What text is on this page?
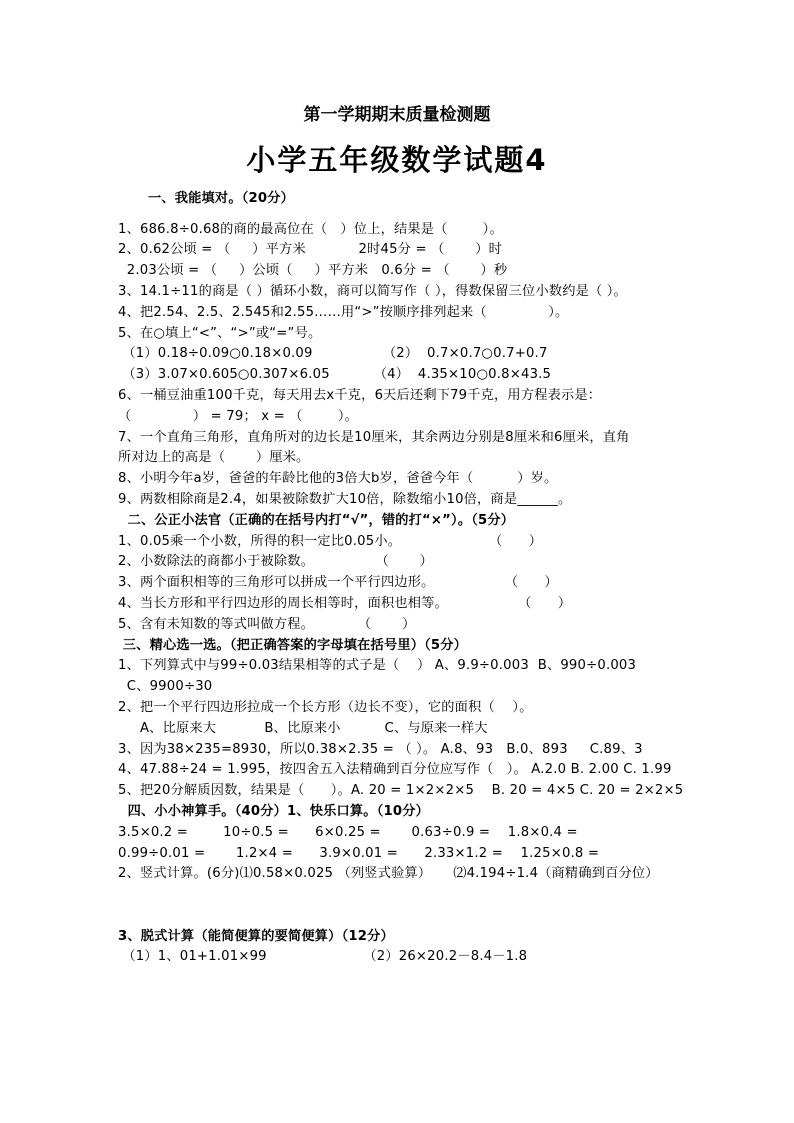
第一学期期末质量检测题
小学五年级数学试题4
一、我能填对。（20分）
1、686.8÷0.68的商的最高位在（   ）位上，结果是（        ）。
2、0.62公顷 = （     ）平方米            2时45分 = （       ）时
2.03公顷 = （     ）公顷（     ）平方米   0.6分 = （       ）秒
3、14.1÷11的商是（ ）循环小数，商可以简写作（ ），得数保留三位小数约是（ ）。
4、把2.54、2.5、2.545和2.55……用“>”按顺序排列起来（              ）。
5、在○填上“<”、“>”或“=”号。
（1）0.18÷0.09○0.18×0.09                （2）  0.7×0.7○0.7+0.7
（3）3.07×0.605○0.307×6.05          （4）  4.35×10○0.8×43.5
6、一桶豆油重100千克，每天用去x千克，6天后还剩下79千克，用方程表示是：
（              ） = 79； x = （        ）。
7、一个直角三角形，直角所对的边长是10厘米，其余两边分别是8厘米和6厘米，直角
所对边上的高是（       ）厘米。
8、小明今年a岁，爸爸的年龄比他的3倍大b岁，爸爸今年（          ）岁。
9、两数相除商是2.4，如果被除数扩大10倍，除数缩小10倍，商是______。
二、公正小法官（正确的在括号内打“√”，错的打“×”）。（5分）
1、0.05乘一个小数，所得的积一定比0.05小。                    （      ）
2、小数除法的商都小于被除数。              （       ）
3、两个面积相等的三角形可以拼成一个平行四边形。                （      ）
4、当长方形和平行四边形的周长相等时，面积也相等。                （      ）
5、含有未知数的等式叫做方程。          （       ）
三、精心选一选。（把正确答案的字母填在括号里）（5分）
1、下列算式中与99÷0.03结果相等的式子是（    ） A、9.9÷0.003  B、990÷0.003
C、9900÷30
2、把一个平行四边形拉成一个长方形（边长不变），它的面积（    ）。
A、比原来大           B、比原来小          C、与原来一样大
3、因为38×235=8930，所以0.38×2.35 = （ ）。 A.8、93   B.0、893     C.89、3
4、47.88÷24 = 1.995，按四舍五入法精确到百分位应写作（   ）。 A.2.0 B. 2.00 C. 1.99
5、把20分解质因数，结果是（      ）。A. 20 = 1×2×2×5    B. 20 = 4×5 C. 20 = 2×2×5
四、小小神算手。（40分）1、快乐口算。（10分）
3.5×0.2 =        10÷0.5 =      6×0.25 =       0.63÷0.9 =    1.8×0.4 =
0.99÷0.01 =       1.2×4 =      3.9×0.01 =      2.33×1.2 =    1.25×0.8 =
2、竖式计算。(6分)⑴0.58×0.025 （列竖式验算）     ⑵4.194÷1.4（商精确到百分位）
3、脱式计算（能简便算的要简便算）（12分）
（1）1、01+1.01×99                      （2）26×20.2－8.4－1.8
